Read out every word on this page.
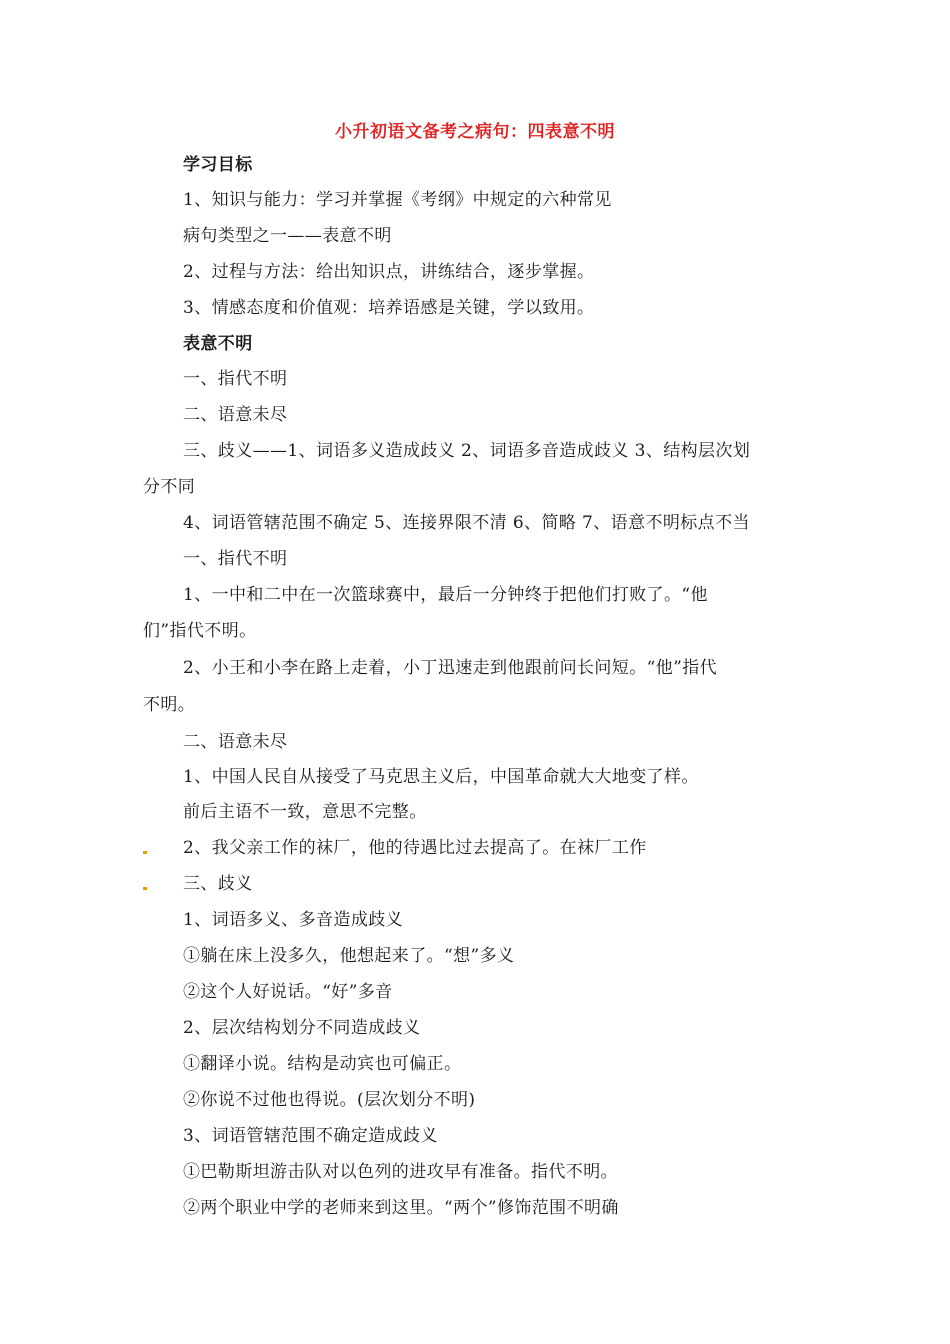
小升初语文备考之病句：四表意不明
学习目标
1、知识与能力：学习并掌握《考纲》中规定的六种常见
病句类型之一——表意不明
2、过程与方法：给出知识点，讲练结合，逐步掌握。
3、情感态度和价值观：培养语感是关键，学以致用。
表意不明
一、指代不明
二、语意未尽
三、歧义——1、词语多义造成歧义 2、词语多音造成歧义 3、结构层次划
分不同
4、词语管辖范围不确定 5、连接界限不清 6、简略 7、语意不明标点不当
一、指代不明
1、一中和二中在一次篮球赛中，最后一分钟终于把他们打败了。“他
们”指代不明。
2、小王和小李在路上走着，小丁迅速走到他跟前问长问短。“他”指代
不明。
二、语意未尽
1、中国人民自从接受了马克思主义后，中国革命就大大地变了样。
前后主语不一致，意思不完整。
2、我父亲工作的袜厂，他的待遇比过去提高了。在袜厂工作
三、歧义
1、词语多义、多音造成歧义
①躺在床上没多久，他想起来了。“想”多义
②这个人好说话。“好”多音
2、层次结构划分不同造成歧义
①翻译小说。结构是动宾也可偏正。
②你说不过他也得说。(层次划分不明)
3、词语管辖范围不确定造成歧义
①巴勒斯坦游击队对以色列的进攻早有准备。指代不明。
②两个职业中学的老师来到这里。“两个”修饰范围不明确
